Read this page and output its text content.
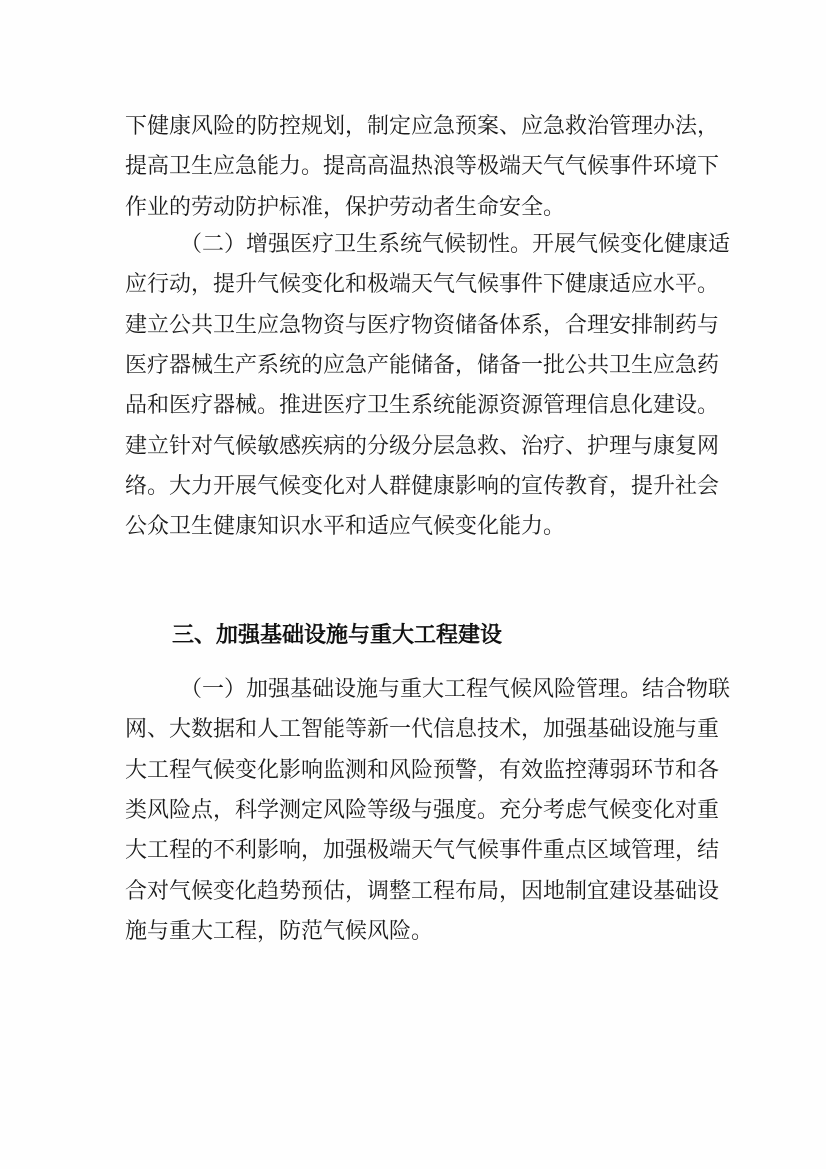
下健康风险的防控规划，制定应急预案、应急救治管理办法，
提高卫生应急能力。提高高温热浪等极端天气气候事件环境下
作业的劳动防护标准，保护劳动者生命安全。
（二）增强医疗卫生系统气候韧性。开展气候变化健康适
应行动，提升气候变化和极端天气气候事件下健康适应水平。
建立公共卫生应急物资与医疗物资储备体系，合理安排制药与
医疗器械生产系统的应急产能储备，储备一批公共卫生应急药
品和医疗器械。推进医疗卫生系统能源资源管理信息化建设。
建立针对气候敏感疾病的分级分层急救、治疗、护理与康复网
络。大力开展气候变化对人群健康影响的宣传教育，提升社会
公众卫生健康知识水平和适应气候变化能力。
三、加强基础设施与重大工程建设
（一）加强基础设施与重大工程气候风险管理。结合物联
网、大数据和人工智能等新一代信息技术，加强基础设施与重
大工程气候变化影响监测和风险预警，有效监控薄弱环节和各
类风险点，科学测定风险等级与强度。充分考虑气候变化对重
大工程的不利影响，加强极端天气气候事件重点区域管理，结
合对气候变化趋势预估，调整工程布局，因地制宜建设基础设
施与重大工程，防范气候风险。
